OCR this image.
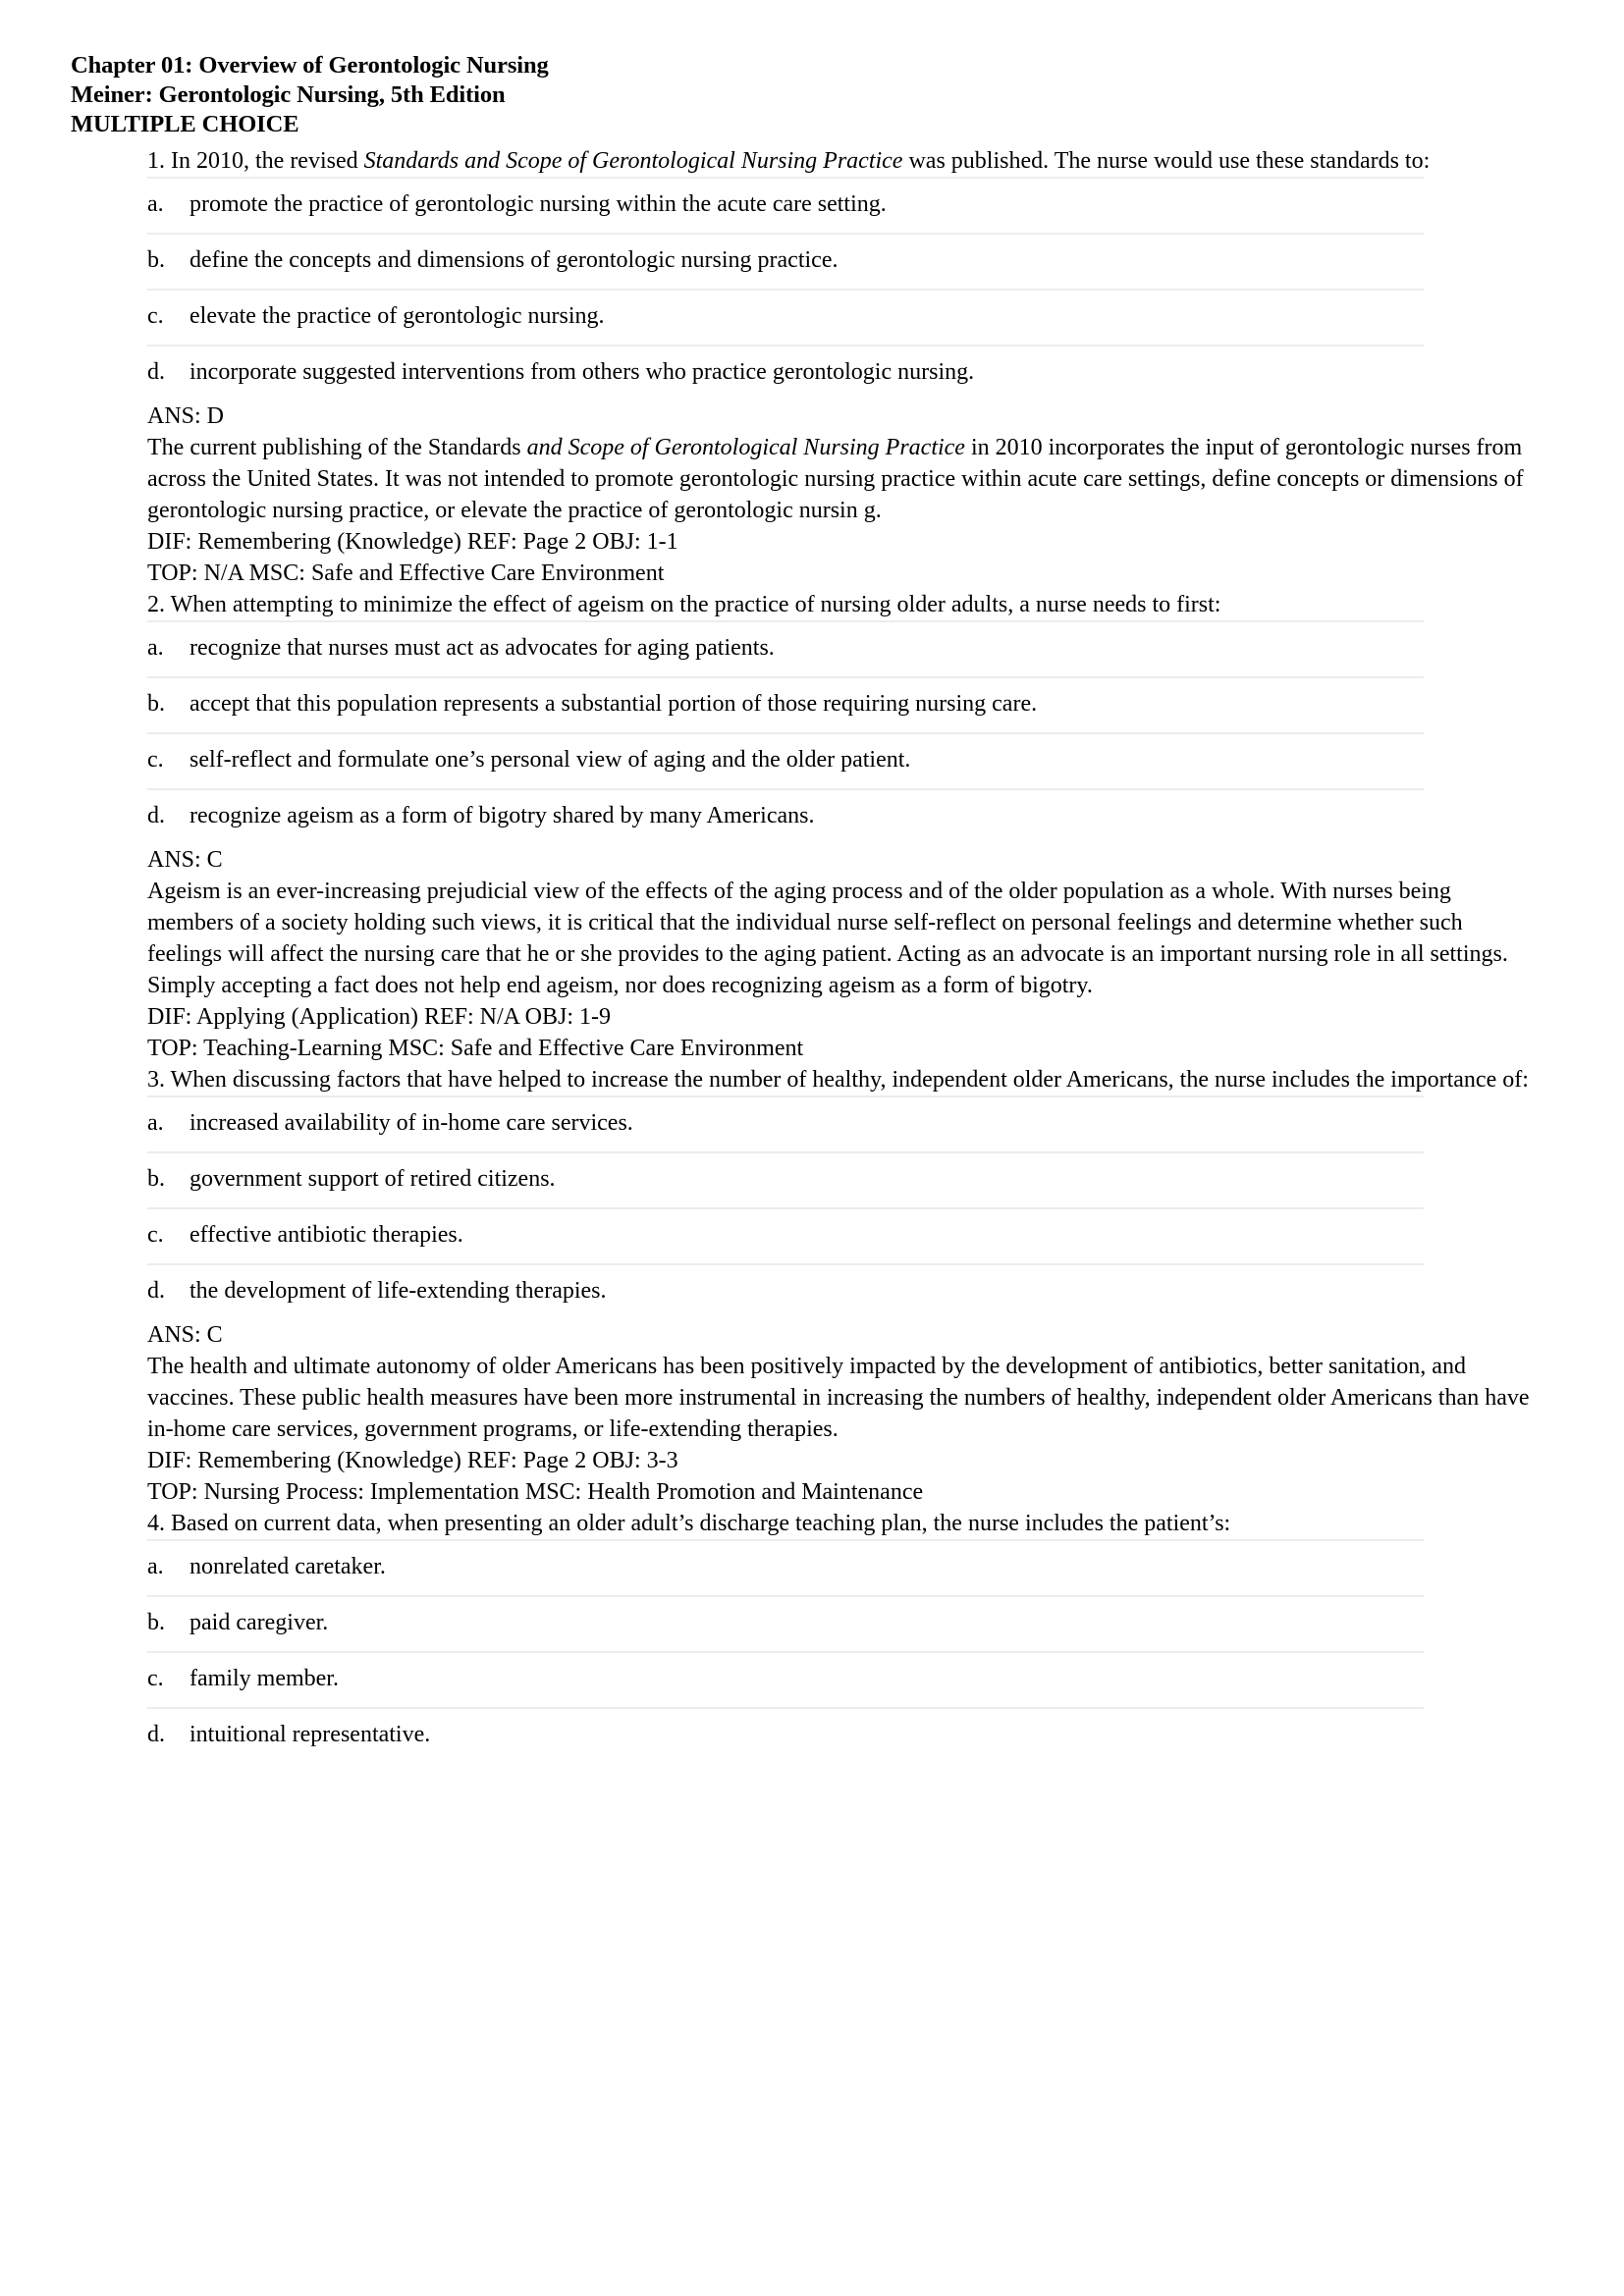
Chapter 01: Overview of Gerontologic Nursing
Meiner: Gerontologic Nursing, 5th Edition
MULTIPLE CHOICE

1. In 2010, the revised Standards and Scope of Gerontological Nursing Practice was published. The nurse would use these standards to:

a.	promote the practice of gerontologic nursing within the acute care setting.
b.	define the concepts and dimensions of gerontologic nursing practice.
c.	elevate the practice of gerontologic nursing.
d.	incorporate suggested interventions from others who practice gerontologic nursing.

ANS: D

The current publishing of the Standards and Scope of Gerontological Nursing Practice in 2010 incorporates the input of gerontologic nurses from across the United States. It was not intended to promote gerontologic nursing practice within acute care settings, define concepts or dimensions of gerontologic nursing practice, or elevate the practice of gerontologic nursin g.

DIF: Remembering (Knowledge) REF: Page 2 OBJ: 1-1

TOP: N/A MSC: Safe and Effective Care Environment

2. When attempting to minimize the effect of ageism on the practice of nursing older adults, a nurse needs to first:

a.	recognize that nurses must act as advocates for aging patients.
b.	accept that this population represents a substantial portion of those requiring nursing care.
c.	self-reflect and formulate one’s personal view of aging and the older patient.
d.	recognize ageism as a form of bigotry shared by many Americans.

ANS: C

Ageism is an ever-increasing prejudicial view of the effects of the aging process and of the older population as a whole. With nurses being members of a society holding such views, it is critical that the individual nurse self-reflect on personal feelings and determine whether such feelings will affect the nursing care that he or she provides to the aging patient. Acting as an advocate is an important nursing role in all settings. Simply accepting a fact does not help end ageism, nor does recognizing ageism as a form of bigotry.

DIF: Applying (Application) REF: N/A OBJ: 1-9

TOP: Teaching-Learning MSC: Safe and Effective Care Environment

3. When discussing factors that have helped to increase the number of healthy, independent older Americans, the nurse includes the importance of:

a.	increased availability of in-home care services.
b.	government support of retired citizens.
c.	effective antibiotic therapies.
d.	the development of life-extending therapies.

ANS: C

The health and ultimate autonomy of older Americans has been positively impacted by the development of antibiotics, better sanitation, and vaccines. These public health measures have been more instrumental in increasing the numbers of healthy, independent older Americans than have in-home care services, government programs, or life-extending therapies.

DIF: Remembering (Knowledge) REF: Page 2 OBJ: 3-3

TOP: Nursing Process: Implementation MSC: Health Promotion and Maintenance

4. Based on current data, when presenting an older adult’s discharge teaching plan, the nurse includes the patient’s:

a.	nonrelated caretaker.
b.	paid caregiver.
c.	family member.
d.	intuitional representative.
